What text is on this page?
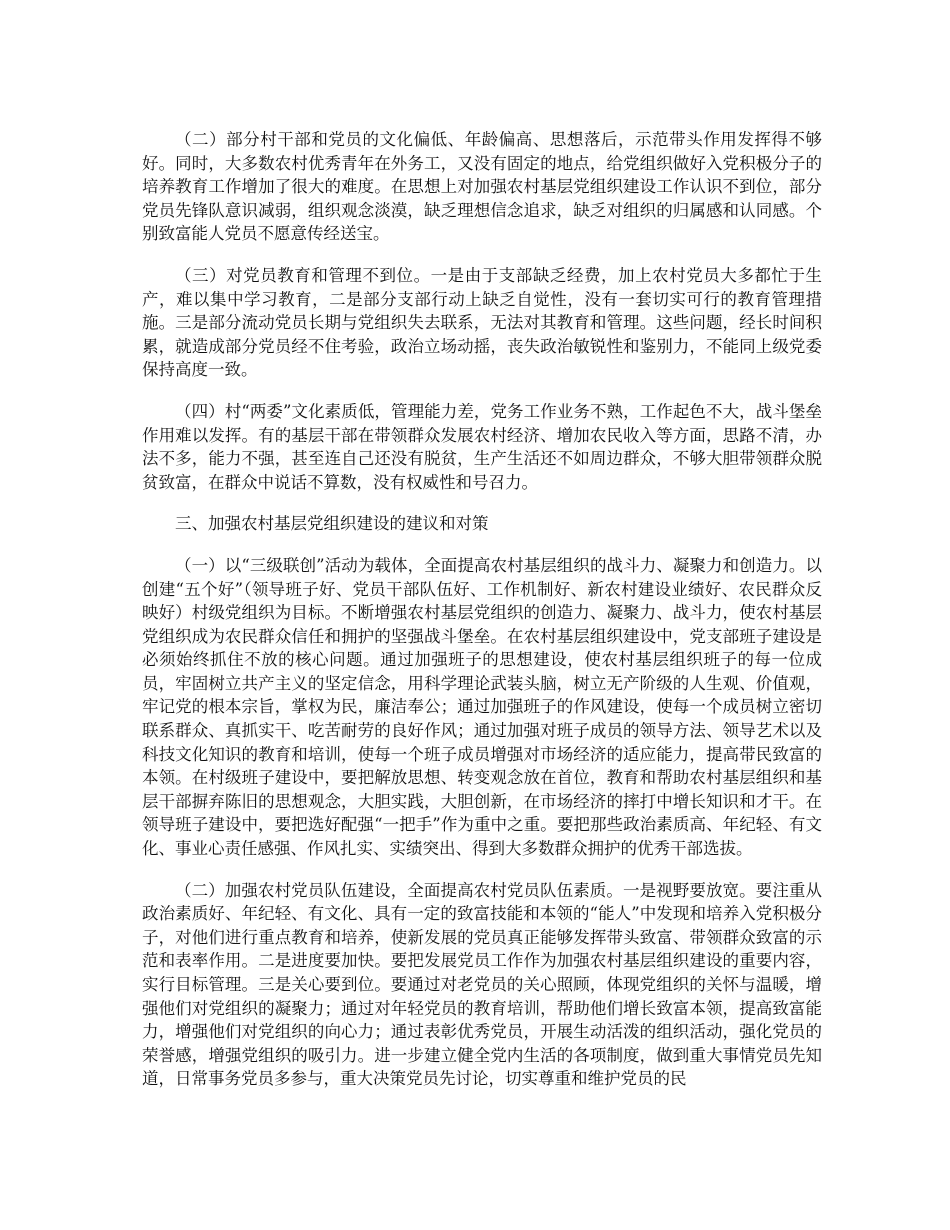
（二）部分村干部和党员的文化偏低、年龄偏高、思想落后，示范带头作用发挥得不够好。同时，大多数农村优秀青年在外务工，又没有固定的地点，给党组织做好入党积极分子的培养教育工作增加了很大的难度。在思想上对加强农村基层党组织建设工作认识不到位，部分党员先锋队意识减弱，组织观念淡漠，缺乏理想信念追求，缺乏对组织的归属感和认同感。个别致富能人党员不愿意传经送宝。

（三）对党员教育和管理不到位。一是由于支部缺乏经费，加上农村党员大多都忙于生产，难以集中学习教育，二是部分支部行动上缺乏自觉性，没有一套切实可行的教育管理措施。三是部分流动党员长期与党组织失去联系，无法对其教育和管理。这些问题，经长时间积累，就造成部分党员经不住考验，政治立场动摇，丧失政治敏锐性和鉴别力，不能同上级党委保持高度一致。

（四）村“两委”文化素质低，管理能力差，党务工作业务不熟，工作起色不大，战斗堡垒作用难以发挥。有的基层干部在带领群众发展农村经济、增加农民收入等方面，思路不清，办法不多，能力不强，甚至连自己还没有脱贫，生产生活还不如周边群众，不够大胆带领群众脱贫致富，在群众中说话不算数，没有权威性和号召力。

三、加强农村基层党组织建设的建议和对策

（一）以“三级联创”活动为载体，全面提高农村基层组织的战斗力、凝聚力和创造力。以创建“五个好”（领导班子好、党员干部队伍好、工作机制好、新农村建设业绩好、农民群众反映好）村级党组织为目标。不断增强农村基层党组织的创造力、凝聚力、战斗力，使农村基层党组织成为农民群众信任和拥护的坚强战斗堡垒。在农村基层组织建设中，党支部班子建设是必须始终抓住不放的核心问题。通过加强班子的思想建设，使农村基层组织班子的每一位成员，牢固树立共产主义的坚定信念，用科学理论武装头脑，树立无产阶级的人生观、价值观，牢记党的根本宗旨，掌权为民，廉洁奉公；通过加强班子的作风建设，使每一个成员树立密切联系群众、真抓实干、吃苦耐劳的良好作风；通过加强对班子成员的领导方法、领导艺术以及科技文化知识的教育和培训，使每一个班子成员增强对市场经济的适应能力，提高带民致富的本领。在村级班子建设中，要把解放思想、转变观念放在首位，教育和帮助农村基层组织和基层干部摒弃陈旧的思想观念，大胆实践，大胆创新，在市场经济的摔打中增长知识和才干。在领导班子建设中，要把选好配强“一把手”作为重中之重。要把那些政治素质高、年纪轻、有文化、事业心责任感强、作风扎实、实绩突出、得到大多数群众拥护的优秀干部选拔。

（二）加强农村党员队伍建设，全面提高农村党员队伍素质。一是视野要放宽。要注重从政治素质好、年纪轻、有文化、具有一定的致富技能和本领的“能人”中发现和培养入党积极分子，对他们进行重点教育和培养，使新发展的党员真正能够发挥带头致富、带领群众致富的示范和表率作用。二是进度要加快。要把发展党员工作作为加强农村基层组织建设的重要内容，实行目标管理。三是关心要到位。要通过对老党员的关心照顾，体现党组织的关怀与温暖，增强他们对党组织的凝聚力；通过对年轻党员的教育培训，帮助他们增长致富本领，提高致富能力，增强他们对党组织的向心力；通过表彰优秀党员，开展生动活泼的组织活动，强化党员的荣誉感，增强党组织的吸引力。进一步建立健全党内生活的各项制度，做到重大事情党员先知道，日常事务党员多参与，重大决策党员先讨论，切实尊重和维护党员的民
